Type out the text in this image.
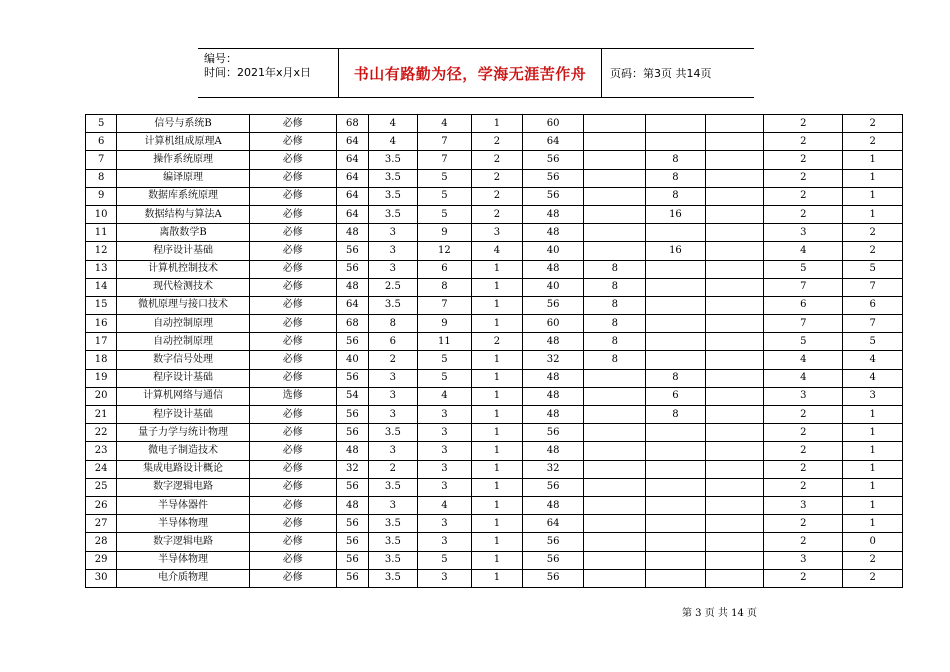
编号：
时间：2021年x月x日	书山有路勤为径，学海无涯苦作舟 页码：第3页 共14页
5	信号与系统B	必修	68	4	4	1	60				2	2
6	计算机组成原理A	必修	64	4	7	2	64				2	2
7	操作系统原理	必修	64	3.5	7	2	56		8		2	1
8	编译原理	必修	64	3.5	5	2	56		8		2	1
9	数据库系统原理	必修	64	3.5	5	2	56		8		2	1
10	数据结构与算法A	必修	64	3.5	5	2	48		16		2	1
11	离散数学B	必修	48	3	9	3	48				3	2
12	程序设计基础	必修	56	3	12	4	40		16		4	2
13	计算机控制技术	必修	56	3	6	1	48	8			5	5
14	现代检测技术	必修	48	2.5	8	1	40	8			7	7
15	微机原理与接口技术	必修	64	3.5	7	1	56	8			6	6
16	自动控制原理	必修	68	8	9	1	60	8			7	7
17	自动控制原理	必修	56	6	11	2	48	8			5	5
18	数字信号处理	必修	40	2	5	1	32	8			4	4
19	程序设计基础	必修	56	3	5	1	48		8		4	4
20	计算机网络与通信	选修	54	3	4	1	48		6		3	3
21	程序设计基础	必修	56	3	3	1	48		8		2	1
22	量子力学与统计物理	必修	56	3.5	3	1	56				2	1
23	微电子制造技术	必修	48	3	3	1	48				2	1
24	集成电路设计概论	必修	32	2	3	1	32				2	1
25	数字逻辑电路	必修	56	3.5	3	1	56				2	1
26	半导体器件	必修	48	3	4	1	48				3	1
27	半导体物理	必修	56	3.5	3	1	64				2	1
28	数字逻辑电路	必修	56	3.5	3	1	56				2	0
29	半导体物理	必修	56	3.5	5	1	56				3	2
30	电介质物理	必修	56	3.5	3	1	56				2	2
第 3 页 共 14 页
